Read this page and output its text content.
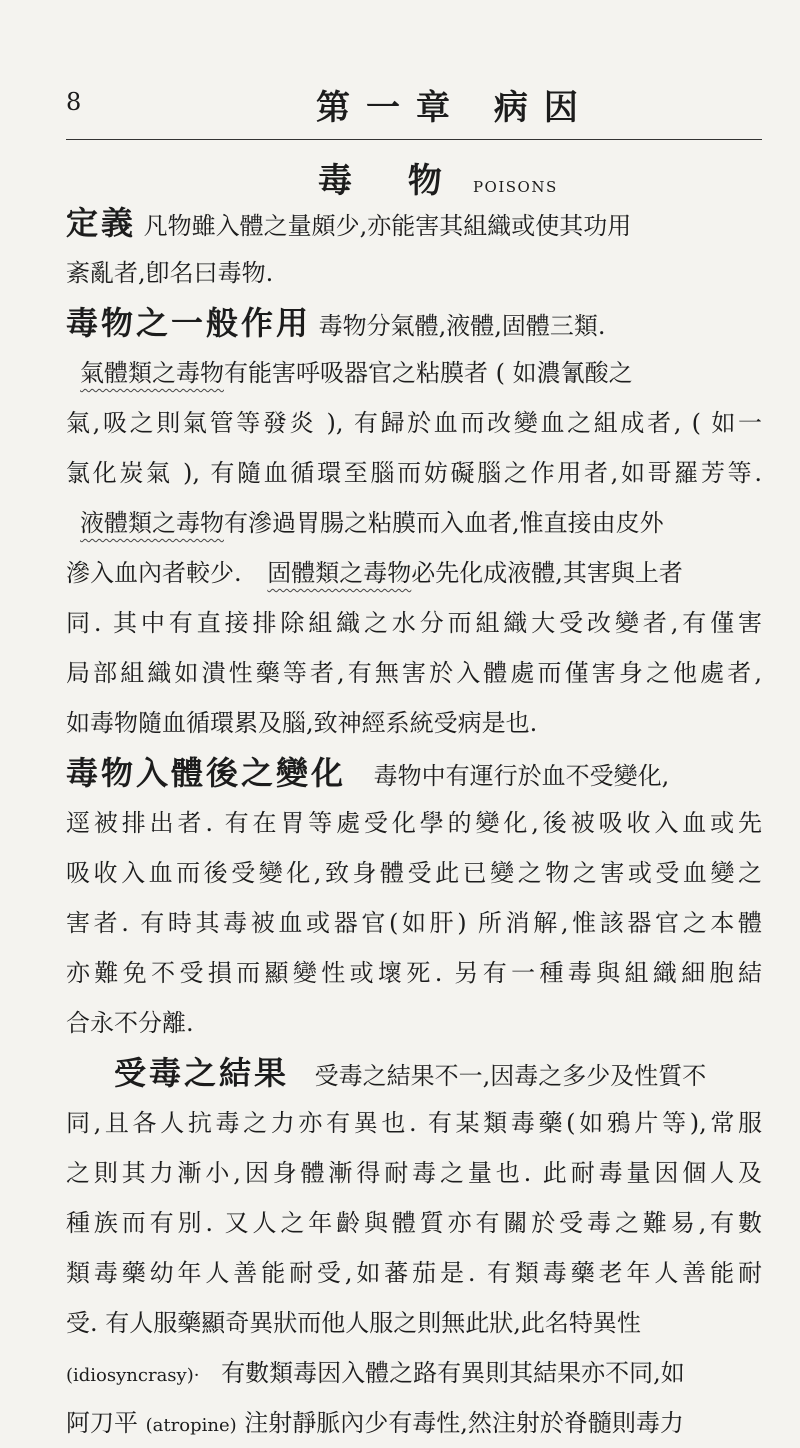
8	第一章 病因
毒 物 POISONS
定義 凡物雖入體之量頗少,亦能害其組織或使其功用
紊亂者,卽名曰毒物.
毒物之一般作用 毒物分氣體,液體,固體三類.
氣體類之毒物有能害呼吸器官之粘膜者 ( 如濃氰酸之
氣,吸之則氣管等發炎 ), 有歸於血而改變血之組成者, ( 如一
氯化炭氣 ), 有隨血循環至腦而妨礙腦之作用者,如哥羅芳等.
液體類之毒物有滲過胃腸之粘膜而入血者,惟直接由皮外
滲入血內者較少. 固體類之毒物必先化成液體,其害與上者
同. 其中有直接排除組織之水分而組織大受改變者,有僅害
局部組織如潰性藥等者,有無害於入體處而僅害身之他處者,
如毒物隨血循環累及腦,致神經系統受病是也.
毒物入體後之變化 毒物中有運行於血不受變化,
逕被排出者. 有在胃等處受化學的變化,後被吸收入血或先
吸收入血而後受變化,致身體受此已變之物之害或受血變之
害者. 有時其毒被血或器官(如肝) 所消解,惟該器官之本體
亦難免不受損而顯變性或壞死. 另有一種毒與組織細胞結
合永不分離.
受毒之結果 受毒之結果不一,因毒之多少及性質不
同,且各人抗毒之力亦有異也. 有某類毒藥(如鴉片等),常服
之則其力漸小,因身體漸得耐毒之量也. 此耐毒量因個人及
種族而有別. 又人之年齡與體質亦有關於受毒之難易,有數
類毒藥幼年人善能耐受,如蕃茄是. 有類毒藥老年人善能耐
受. 有人服藥顯奇異狀而他人服之則無此狀,此名特異性
(idiosyncrasy)· 有數類毒因入體之路有異則其結果亦不同,如
阿刀平 (atropine) 注射靜脈內少有毒性,然注射於脊髓則毒力
